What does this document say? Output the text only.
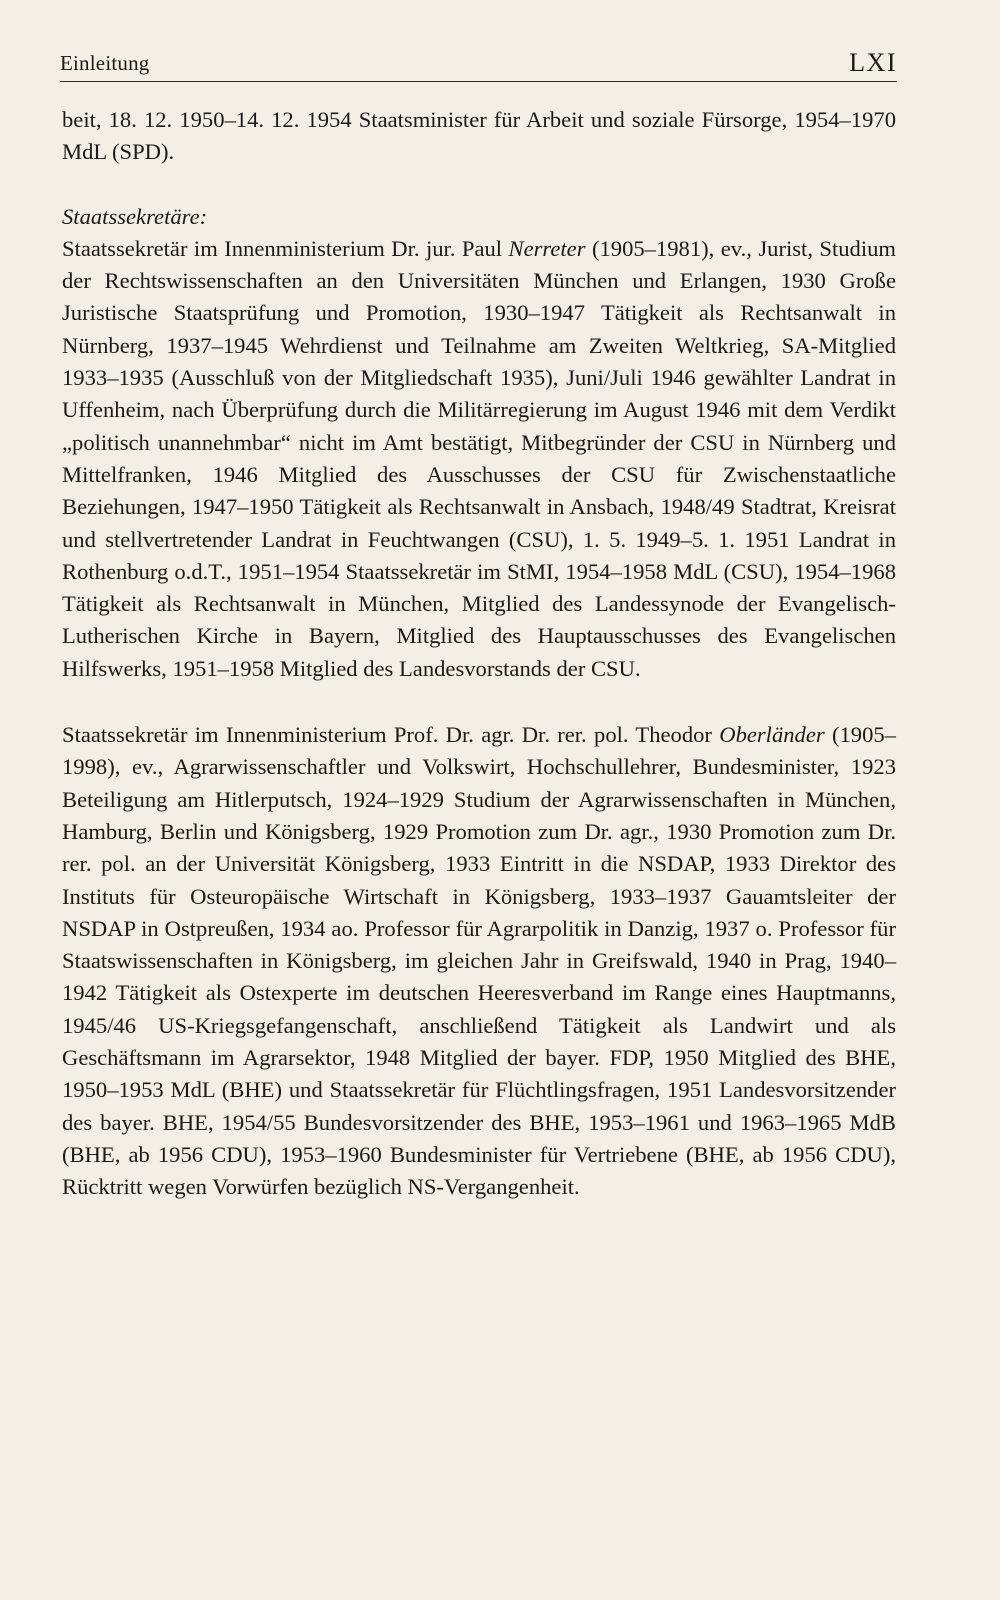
Einleitung	LXI

beit, 18. 12. 1950–14. 12. 1954 Staatsminister für Arbeit und soziale Fürsorge, 1954–1970 MdL (SPD).

Staatssekretäre:

Staatssekretär im Innenministerium Dr. jur. Paul Nerreter (1905–1981), ev., Jurist, Studium der Rechtswissenschaften an den Universitäten München und Erlangen, 1930 Große Juristische Staatsprüfung und Promotion, 1930–1947 Tätigkeit als Rechtsanwalt in Nürnberg, 1937–1945 Wehrdienst und Teilnahme am Zweiten Weltkrieg, SA-Mitglied 1933–1935 (Ausschluß von der Mitgliedschaft 1935), Juni/Juli 1946 gewählter Landrat in Uffenheim, nach Überprüfung durch die Militärregierung im August 1946 mit dem Verdikt „politisch unannehmbar“ nicht im Amt bestätigt, Mitbegründer der CSU in Nürnberg und Mittelfranken, 1946 Mitglied des Ausschusses der CSU für Zwischenstaatliche Beziehungen, 1947–1950 Tätigkeit als Rechtsanwalt in Ansbach, 1948/49 Stadtrat, Kreisrat und stellvertretender Landrat in Feuchtwangen (CSU), 1. 5. 1949–5. 1. 1951 Landrat in Rothenburg o.d.T., 1951–1954 Staatssekretär im StMI, 1954–1958 MdL (CSU), 1954–1968 Tätigkeit als Rechtsanwalt in München, Mitglied des Landessynode der Evangelisch-Lutherischen Kirche in Bayern, Mitglied des Hauptausschusses des Evangelischen Hilfswerks, 1951–1958 Mitglied des Landesvorstands der CSU.

Staatssekretär im Innenministerium Prof. Dr. agr. Dr. rer. pol. Theodor Oberländer (1905–1998), ev., Agrarwissenschaftler und Volkswirt, Hochschullehrer, Bundesminister, 1923 Beteiligung am Hitlerputsch, 1924–1929 Studium der Agrarwissenschaften in München, Hamburg, Berlin und Königsberg, 1929 Promotion zum Dr. agr., 1930 Promotion zum Dr. rer. pol. an der Universität Königsberg, 1933 Eintritt in die NSDAP, 1933 Direktor des Instituts für Osteuropäische Wirtschaft in Königsberg, 1933–1937 Gauamtsleiter der NSDAP in Ostpreußen, 1934 ao. Professor für Agrarpolitik in Danzig, 1937 o. Professor für Staatswissenschaften in Königsberg, im gleichen Jahr in Greifswald, 1940 in Prag, 1940–1942 Tätigkeit als Ostexperte im deutschen Heeresverband im Range eines Hauptmanns, 1945/46 US-Kriegsgefangenschaft, anschließend Tätigkeit als Landwirt und als Geschäftsmann im Agrarsektor, 1948 Mitglied der bayer. FDP, 1950 Mitglied des BHE, 1950–1953 MdL (BHE) und Staatssekretär für Flüchtlingsfragen, 1951 Landesvorsitzender des bayer. BHE, 1954/55 Bundesvorsitzender des BHE, 1953–1961 und 1963–1965 MdB (BHE, ab 1956 CDU), 1953–1960 Bundesminister für Vertriebene (BHE, ab 1956 CDU), Rücktritt wegen Vorwürfen bezüglich NS-Vergangenheit.
